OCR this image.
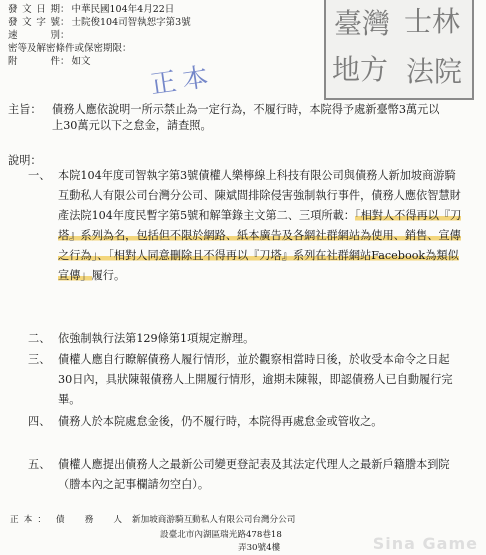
發文日期： 中華民國104年4月22日
發文字號： 士院俊104司智執恕字第3號
速別：
密等及解密條件或保密期限：
附件： 如文
臺灣 士林
地方 法院
正本
主旨： 債務人應依說明一所示禁止為一定行為，不履行時，本院得予處新臺幣3萬元以上30萬元以下之怠金，請查照。
說明：
一、 本院104年度司智執字第3號債權人樂檸線上科技有限公司與債務人新加坡商游騎互動私人有限公司台灣分公司、陳斌間排除侵害強制執行事件，債務人應依智慧財產法院104年度民暫字第5號和解筆錄主文第二、三項所載：「相對人不得再以『刀塔』系列為名，包括但不限於網路、紙本廣告及各網社群網站為使用、銷售、宣傳之行為」、「相對人同意刪除且不得再以『刀塔』系列在社群網站Facebook為類似宣傳」履行。
二、 依強制執行法第129條第1項規定辦理。
三、 債權人應自行瞭解債務人履行情形，並於觀察相當時日後，於收受本命令之日起30日內，具狀陳報債務人上開履行情形，逾期未陳報，即認債務人已自動履行完畢。
四、 債務人於本院處怠金後，仍不履行時，本院得再處怠金或管收之。
五、 債權人應提出債務人之最新公司變更登記表及其法定代理人之最新戶籍謄本到院（謄本內之記事欄請勿空白）。
正本： 債務人 新加坡商游騎互動私人有限公司台灣分公司
設臺北市內湖區瑞光路478巷18
弄30號4樓	Sina Game
